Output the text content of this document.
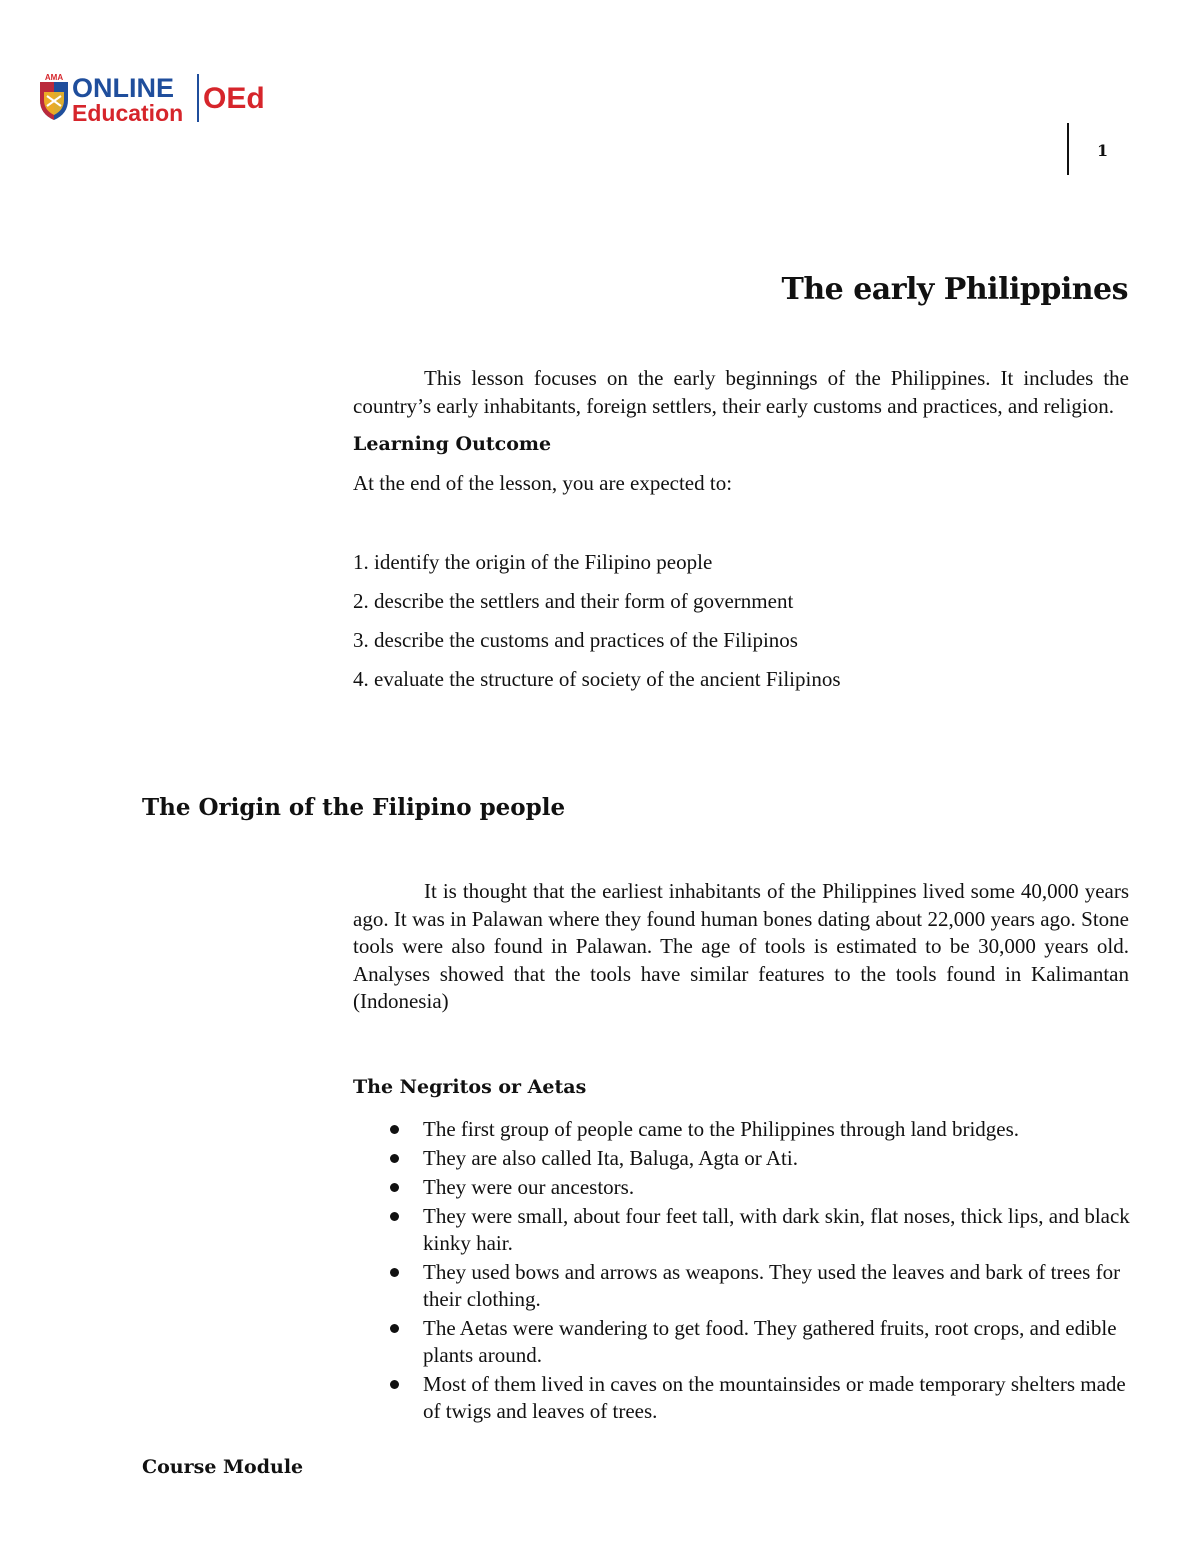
AMA ONLINE
Education OEd
1
The early Philippines

This lesson focuses on the early beginnings of the Philippines. It includes the country’s early inhabitants, foreign settlers, their early customs and practices, and religion.

Learning Outcome

At the end of the lesson, you are expected to:

1. identify the origin of the Filipino people
2. describe the settlers and their form of government
3. describe the customs and practices of the Filipinos
4. evaluate the structure of society of the ancient Filipinos
The Origin of the Filipino people

It is thought that the earliest inhabitants of the Philippines lived some 40,000 years ago. It was in Palawan where they found human bones dating about 22,000 years ago. Stone tools were also found in Palawan. The age of tools is estimated to be 30,000 years old. Analyses showed that the tools have similar features to the tools found in Kalimantan (Indonesia)

The Negritos or Aetas

The first group of people came to the Philippines through land bridges.
They are also called Ita, Baluga, Agta or Ati.
They were our ancestors.
They were small, about four feet tall, with dark skin, flat noses, thick lips, and black kinky hair.
They used bows and arrows as weapons. They used the leaves and bark of trees for their clothing.
The Aetas were wandering to get food. They gathered fruits, root crops, and edible plants around.
Most of them lived in caves on the mountainsides or made temporary shelters made of twigs and leaves of trees.
Course Module
